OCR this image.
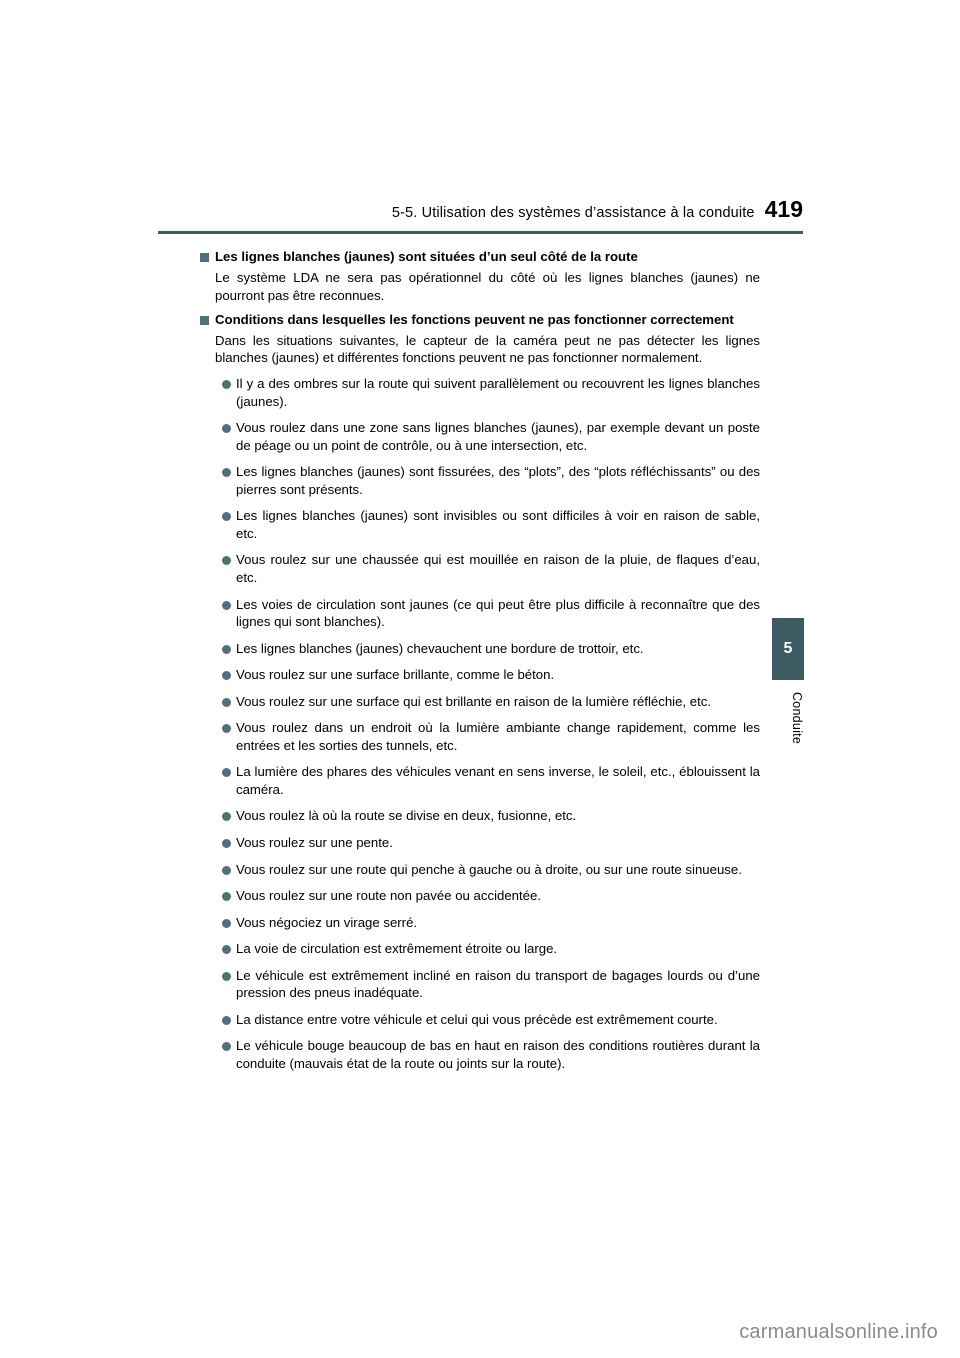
5-5. Utilisation des systèmes d’assistance à la conduite 419
5
Conduite
Les lignes blanches (jaunes) sont situées d’un seul côté de la route
Le système LDA ne sera pas opérationnel du côté où les lignes blanches (jaunes) ne pourront pas être reconnues.
Conditions dans lesquelles les fonctions peuvent ne pas fonctionner correctement
Dans les situations suivantes, le capteur de la caméra peut ne pas détecter les lignes blanches (jaunes) et différentes fonctions peuvent ne pas fonctionner normalement.
Il y a des ombres sur la route qui suivent parallèlement ou recouvrent les lignes blanches (jaunes).
Vous roulez dans une zone sans lignes blanches (jaunes), par exemple devant un poste de péage ou un point de contrôle, ou à une intersection, etc.
Les lignes blanches (jaunes) sont fissurées, des “plots”, des “plots réfléchissants” ou des pierres sont présents.
Les lignes blanches (jaunes) sont invisibles ou sont difficiles à voir en raison de sable, etc.
Vous roulez sur une chaussée qui est mouillée en raison de la pluie, de flaques d’eau, etc.
Les voies de circulation sont jaunes (ce qui peut être plus difficile à reconnaître que des lignes qui sont blanches).
Les lignes blanches (jaunes) chevauchent une bordure de trottoir, etc.
Vous roulez sur une surface brillante, comme le béton.
Vous roulez sur une surface qui est brillante en raison de la lumière réfléchie, etc.
Vous roulez dans un endroit où la lumière ambiante change rapidement, comme les entrées et les sorties des tunnels, etc.
La lumière des phares des véhicules venant en sens inverse, le soleil, etc., éblouissent la caméra.
Vous roulez là où la route se divise en deux, fusionne, etc.
Vous roulez sur une pente.
Vous roulez sur une route qui penche à gauche ou à droite, ou sur une route sinueuse.
Vous roulez sur une route non pavée ou accidentée.
Vous négociez un virage serré.
La voie de circulation est extrêmement étroite ou large.
Le véhicule est extrêmement incliné en raison du transport de bagages lourds ou d’une pression des pneus inadéquate.
La distance entre votre véhicule et celui qui vous précède est extrêmement courte.
Le véhicule bouge beaucoup de bas en haut en raison des conditions routières durant la conduite (mauvais état de la route ou joints sur la route).
carmanualsonline.info
